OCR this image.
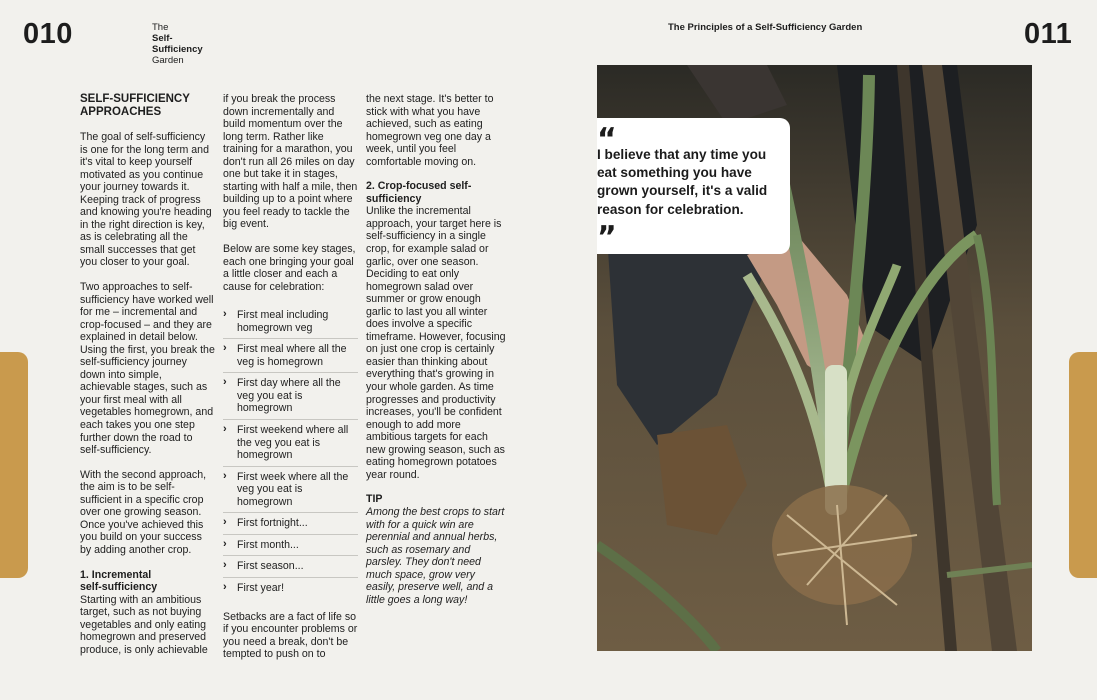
010	011
The
Self-
Sufficiency
Garden
The Principles of a Self-Sufficiency Garden
SELF-SUFFICIENCY
APPROACHES

The goal of self-sufficiency is one for the long term and it's vital to keep yourself motivated as you continue your journey towards it. Keeping track of progress and knowing you're heading in the right direction is key, as is celebrating all the small successes that get you closer to your goal.

Two approaches to self-sufficiency have worked well for me – incremental and crop-focused – and they are explained in detail below. Using the first, you break the self-sufficiency journey down into simple, achievable stages, such as your first meal with all vegetables homegrown, and each takes you one step further down the road to self-sufficiency.

With the second approach, the aim is to be self-sufficient in a specific crop over one growing season. Once you've achieved this you build on your success by adding another crop.

1. Incremental
self-sufficiency

Starting with an ambitious target, such as not buying vegetables and only eating homegrown and preserved produce, is only achievable

if you break the process down incrementally and build momentum over the long term. Rather like training for a marathon, you don't run all 26 miles on day one but take it in stages, starting with half a mile, then building up to a point where you feel ready to tackle the big event.

Below are some key stages, each one bringing your goal a little closer and each a cause for celebration:

› First meal including homegrown veg
› First meal where all the veg is homegrown
› First day where all the veg you eat is homegrown
› First weekend where all the veg you eat is homegrown
› First week where all the veg you eat is homegrown
› First fortnight...
› First month...
› First season...
› First year!

Setbacks are a fact of life so if you encounter problems or you need a break, don't be tempted to push on to

the next stage. It's better to stick with what you have achieved, such as eating homegrown veg one day a week, until you feel comfortable moving on.

2. Crop-focused self-
sufficiency

Unlike the incremental approach, your target here is self-sufficiency in a single crop, for example salad or garlic, over one season. Deciding to eat only homegrown salad over summer or grow enough garlic to last you all winter does involve a specific timeframe. However, focusing on just one crop is certainly easier than thinking about everything that's growing in your whole garden. As time progresses and productivity increases, you'll be confident enough to add more ambitious targets for each new growing season, such as eating homegrown potatoes year round.

TIP

Among the best crops to start with for a quick win are perennial and annual herbs, such as rosemary and parsley. They don't need much space, grow very easily, preserve well, and a little goes a long way!

“
I believe that any time you eat something you have grown yourself, it's a valid reason for celebration.
”
